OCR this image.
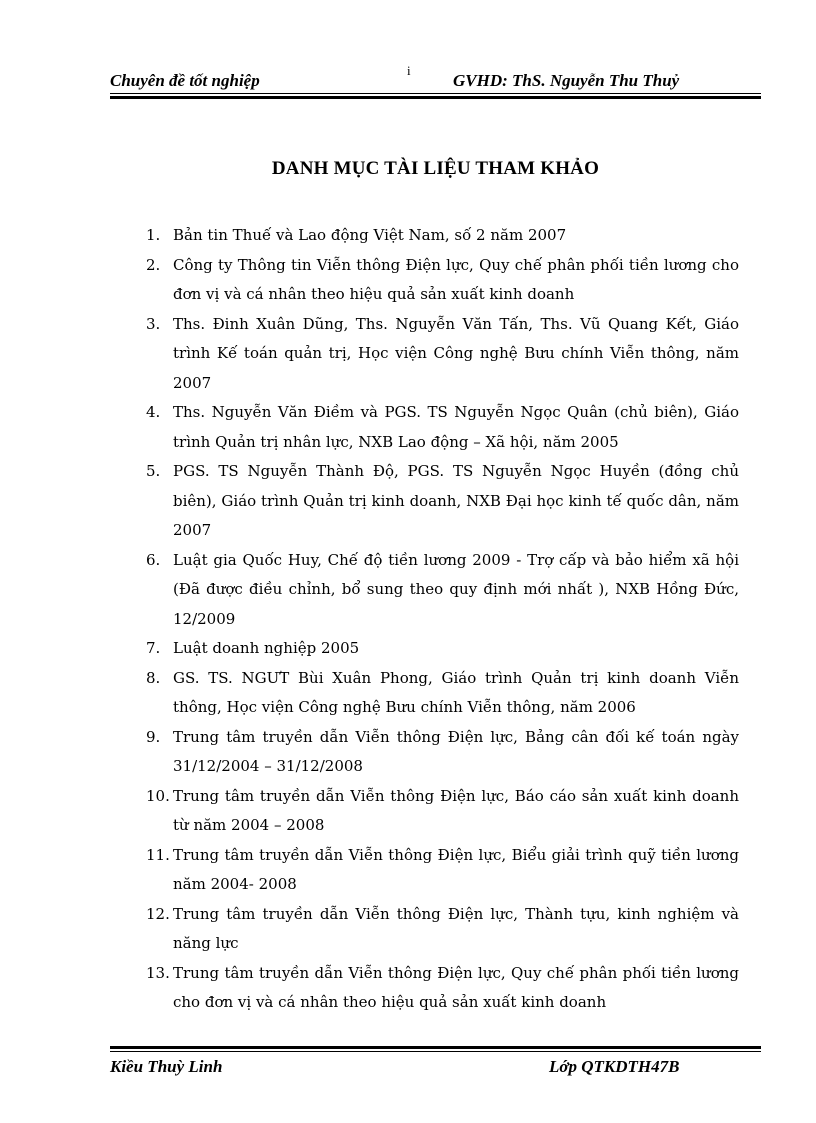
Chuyên đề tốt nghiệp
i
GVHD: ThS. Nguyễn Thu Thuỷ
DANH MỤC TÀI LIỆU THAM KHẢO
1. Bản tin Thuế và Lao động Việt Nam, số 2 năm 2007
2. Công ty Thông tin Viễn thông Điện lực, Quy chế phân phối tiền lương cho đơn vị và cá nhân theo hiệu quả sản xuất kinh doanh
3. Ths. Đinh Xuân Dũng, Ths. Nguyễn Văn Tấn, Ths. Vũ Quang Kết, Giáo trình Kế toán quản trị, Học viện Công nghệ Bưu chính Viễn thông, năm 2007
4. Ths. Nguyễn Văn Điềm và PGS. TS Nguyễn Ngọc Quân (chủ biên), Giáo trình Quản trị nhân lực, NXB Lao động – Xã hội, năm 2005
5. PGS. TS Nguyễn Thành Độ, PGS. TS Nguyễn Ngọc Huyền (đồng chủ biên), Giáo trình Quản trị kinh doanh, NXB Đại học kinh tế quốc dân, năm 2007
6. Luật gia Quốc Huy, Chế độ tiền lương 2009 - Trợ cấp và bảo hiểm xã hội (Đã được điều chỉnh, bổ sung theo quy định mới nhất ), NXB Hồng Đức, 12/2009
7. Luật doanh nghiệp 2005
8. GS. TS. NGƯT Bùi Xuân Phong, Giáo trình Quản trị kinh doanh Viễn thông, Học viện Công nghệ Bưu chính Viễn thông, năm 2006
9. Trung tâm truyền dẫn Viễn thông Điện lực, Bảng cân đối kế toán ngày 31/12/2004 – 31/12/2008
10. Trung tâm truyền dẫn Viễn thông Điện lực, Báo cáo sản xuất kinh doanh từ năm 2004 – 2008
11. Trung tâm truyền dẫn Viễn thông Điện lực, Biểu giải trình quỹ tiền lương năm 2004- 2008
12. Trung tâm truyền dẫn Viễn thông Điện lực, Thành tựu, kinh nghiệm và năng lực
13. Trung tâm truyền dẫn Viễn thông Điện lực, Quy chế phân phối tiền lương cho đơn vị và cá nhân theo hiệu quả sản xuất kinh doanh
Kiều Thuỳ Linh	Lớp QTKDTH47B
